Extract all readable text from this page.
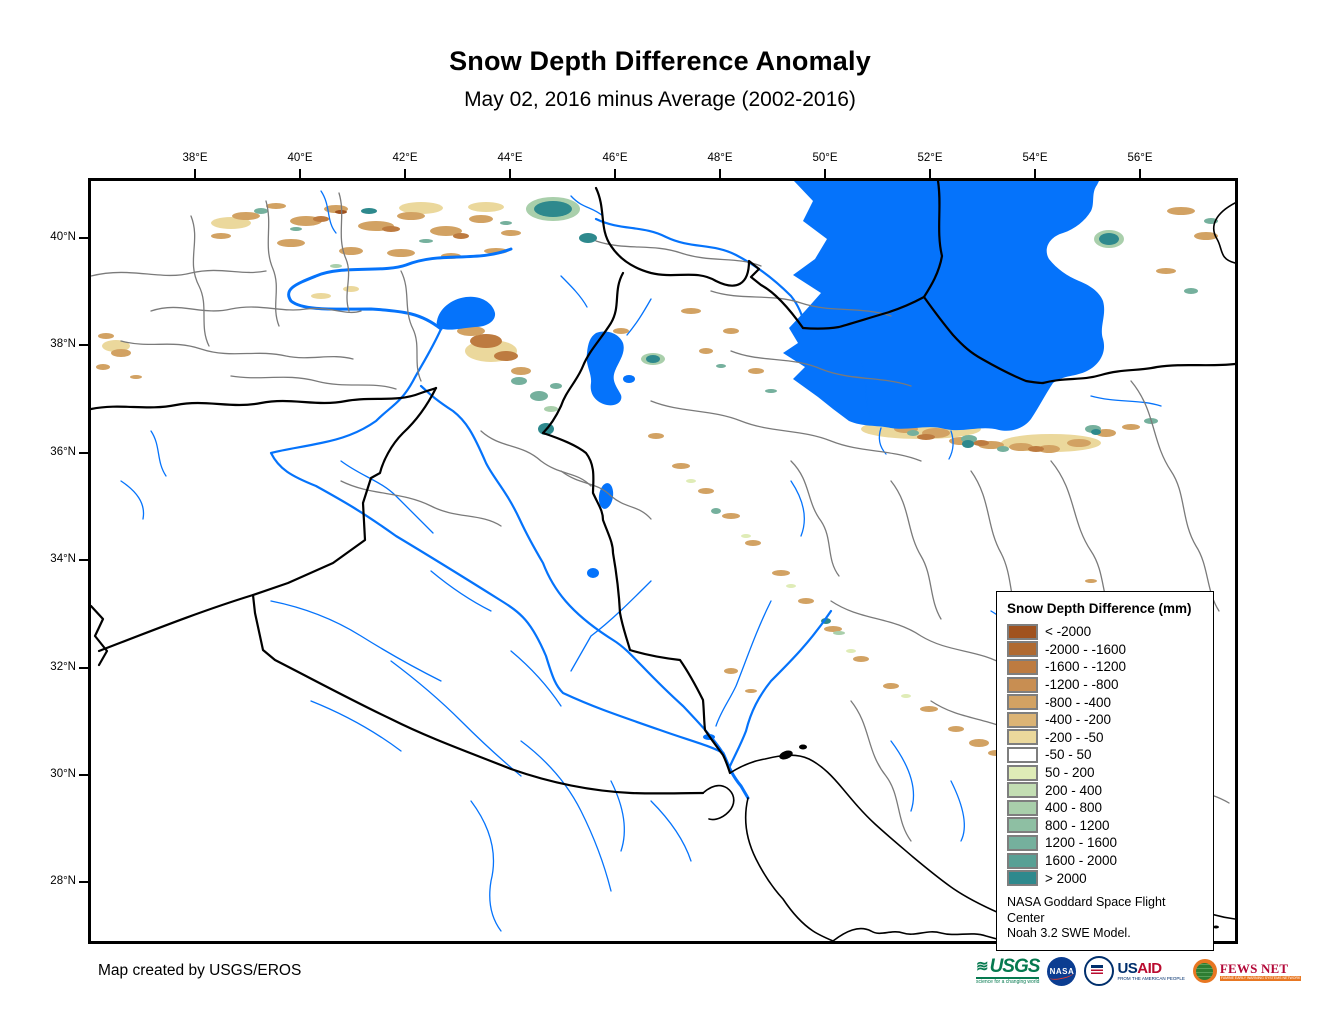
Snow Depth Difference Anomaly
May 02, 2016 minus Average (2002-2016)
38°E	40°E	42°E	44°E	46°E	48°E	50°E	52°E	54°E	56°E
40°N
38°N
36°N
34°N
32°N
30°N
28°N
Snow Depth Difference (mm)
< -2000
-2000 - -1600
-1600 - -1200
-1200 - -800
-800 - -400
-400 - -200
-200 - -50
-50 - 50
50 - 200
200 - 400
400 - 800
800 - 1200
1200 - 1600
1600 - 2000
> 2000
NASA Goddard Space Flight Center
Noah 3.2 SWE Model.
Map created by USGS/EROS	≋ USGS
science for a changing world
NASA	USAID
FROM THE AMERICAN PEOPLE
FEWS NET
FAMINE EARLY WARNING SYSTEMS NETWORK
